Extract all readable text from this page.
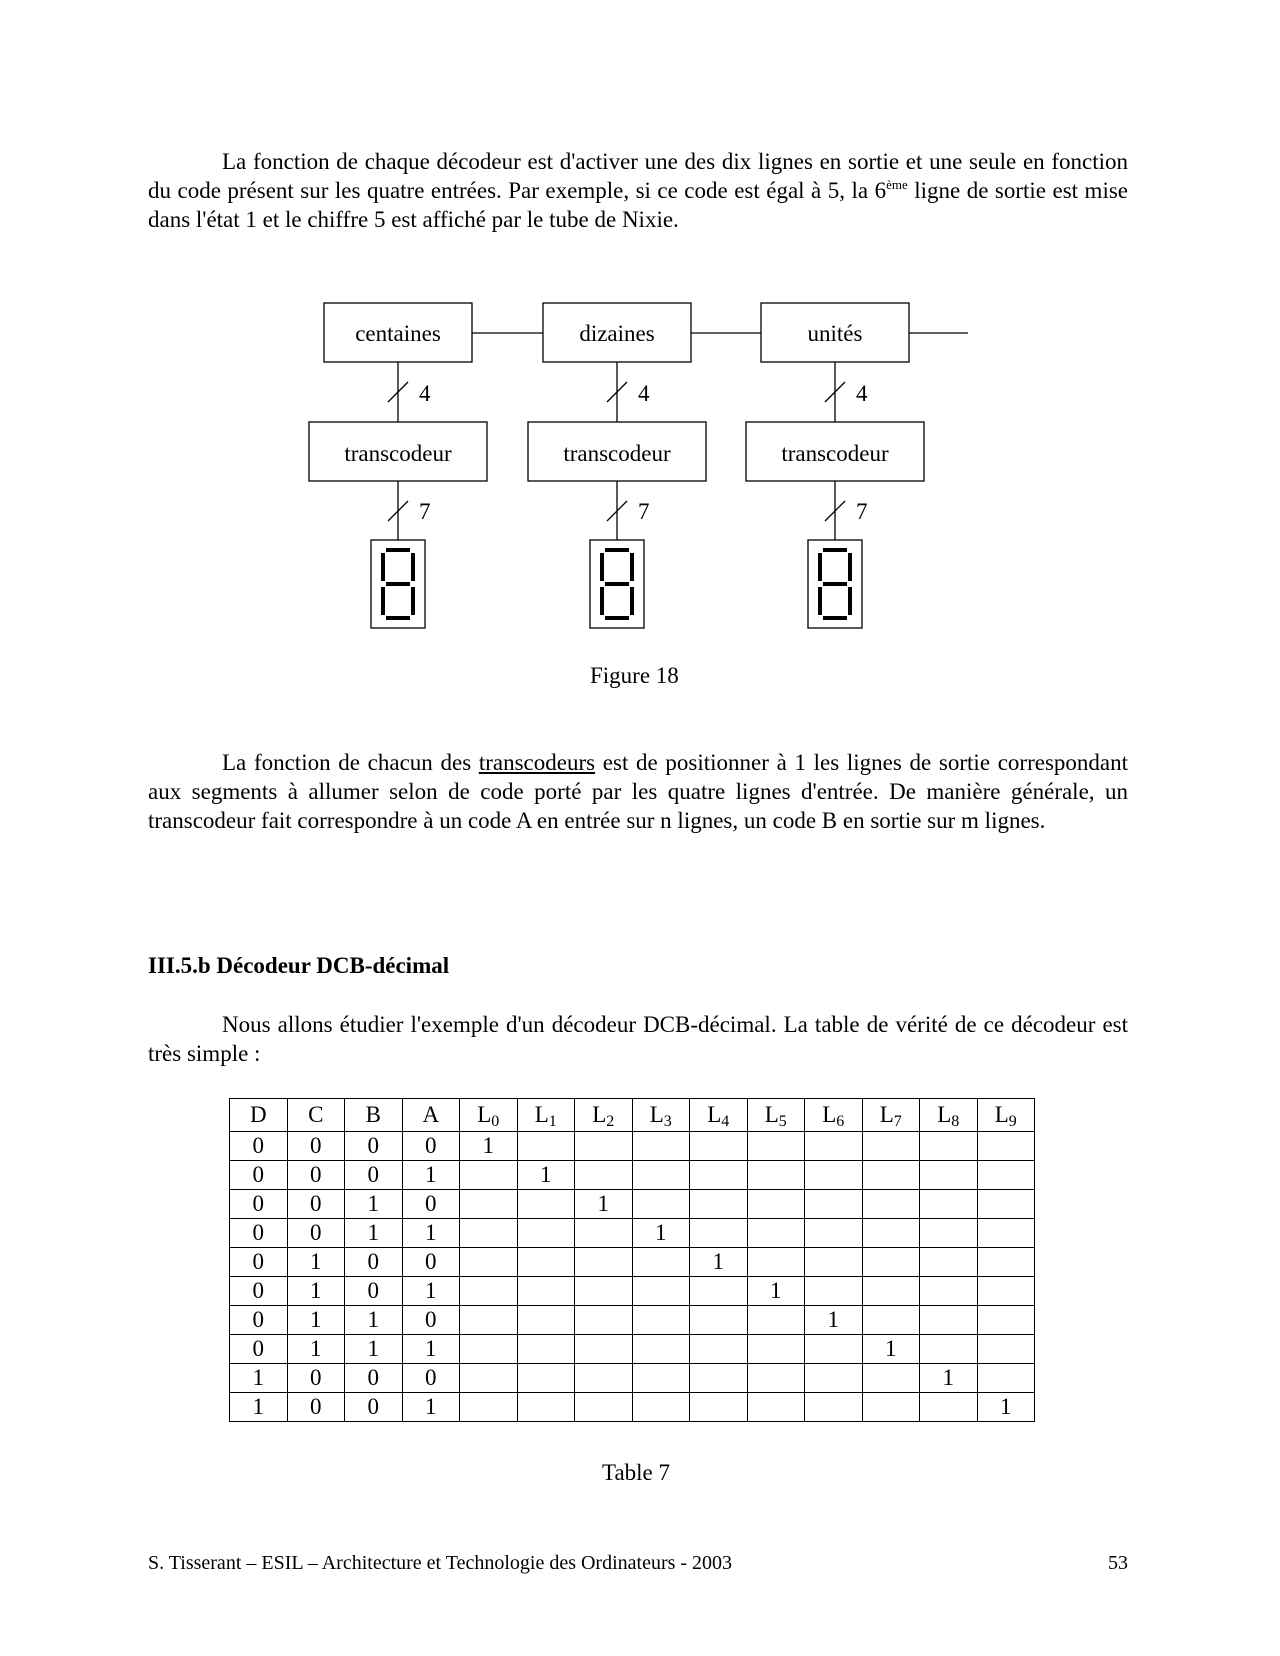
La fonction de chaque décodeur est d'activer une des dix lignes en sortie et une seule en fonction du code présent sur les quatre entrées. Par exemple, si ce code est égal à 5, la 6ème ligne de sortie est mise dans l'état 1 et le chiffre 5 est affiché par le tube de Nixie.

centaines	dizaines	unités
transcodeur	transcodeur	transcodeur
4	4	4
7	7	7

Figure 18

La fonction de chacun des transcodeurs est de positionner à 1 les lignes de sortie correspondant aux segments à allumer selon de code porté par les quatre lignes d'entrée. De manière générale, un transcodeur fait correspondre à un code A en entrée sur n lignes, un code B en sortie sur m lignes.

III.5.b Décodeur DCB-décimal

Nous allons étudier l'exemple d'un décodeur DCB-décimal. La table de vérité de ce décodeur est très simple :

D	C	B	A	$L_0$	$L_1$	$L_2$	$L_3$	$L_4$	$L_5$	$L_6$	$L_7$	$L_8$	$L_9$
0	0	0	0	1									
0	0	0	1		1								
0	0	1	0			1							
0	0	1	1				1						
0	1	0	0					1					
0	1	0	1						1				
0	1	1	0							1			
0	1	1	1								1		
1	0	0	0									1	
1	0	0	1										1

Table 7

S. Tisserant – ESIL – Architecture et Technologie des Ordinateurs - 2003	53
